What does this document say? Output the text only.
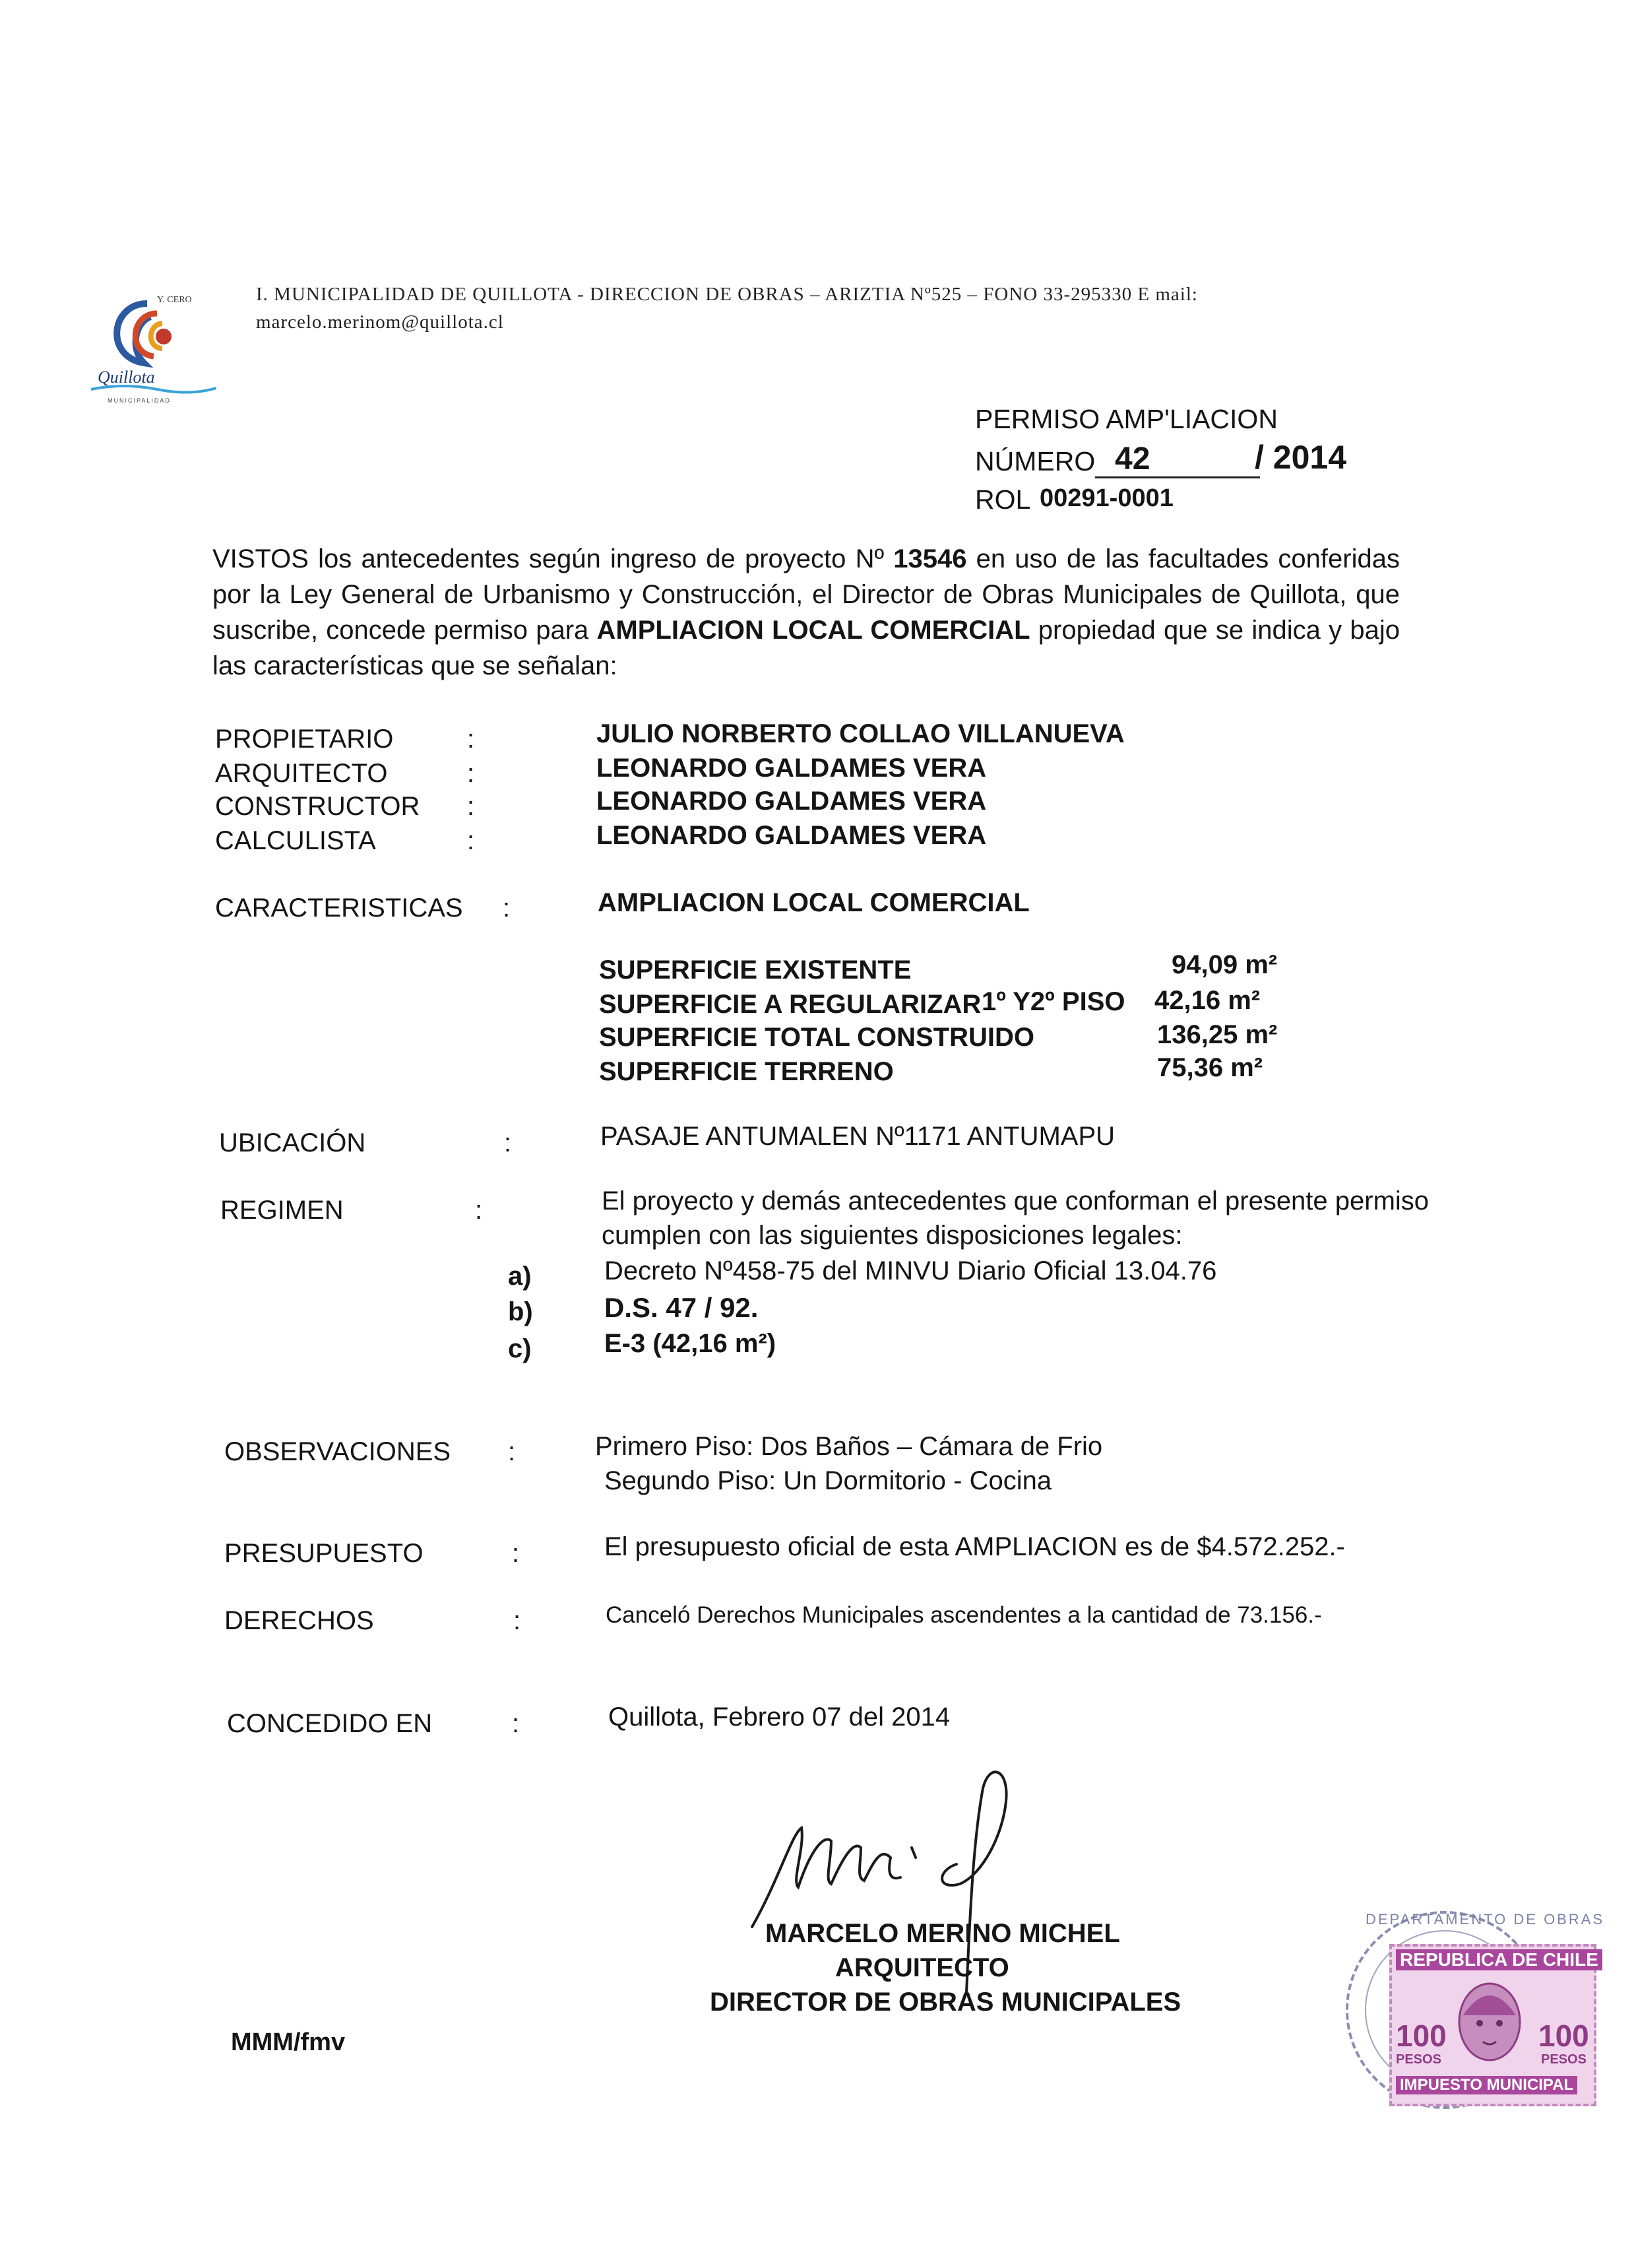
Y. CERO
Quillota
MUNICIPALIDAD
I. MUNICIPALIDAD DE QUILLOTA - DIRECCION DE OBRAS – ARIZTIA Nº525 – FONO 33-295330 E mail:
marcelo.merinom@quillota.cl
PERMISO AMP'LIACION
NÚMERO 42	/ 2014
ROL 00291-0001
VISTOS los antecedentes según ingreso de proyecto Nº 13546 en uso de las facultades conferidas por la Ley General de Urbanismo y Construcción, el Director de Obras Municipales de Quillota, que suscribe, concede permiso para AMPLIACION LOCAL COMERCIAL propiedad que se indica y bajo las características que se señalan:
PROPIETARIO	:	JULIO NORBERTO COLLAO VILLANUEVA
ARQUITECTO	:	LEONARDO GALDAMES VERA
CONSTRUCTOR :	LEONARDO GALDAMES VERA
CALCULISTA	:	LEONARDO GALDAMES VERA
CARACTERISTICAS :	AMPLIACION LOCAL COMERCIAL
SUPERFICIE EXISTENTE	94,09 m²
SUPERFICIE A REGULARIZAR 1º Y2º PISO 42,16 m²
SUPERFICIE TOTAL CONSTRUIDO	136,25 m²
SUPERFICIE TERRENO	75,36 m²
UBICACIÓN	:	PASAJE ANTUMALEN Nº1171 ANTUMAPU
REGIMEN	:	El proyecto y demás antecedentes que conforman el presente permiso
cumplen con las siguientes disposiciones legales:
a)	Decreto Nº458-75 del MINVU Diario Oficial 13.04.76
b)	D.S. 47 / 92.
c)	E-3 (42,16 m²)
OBSERVACIONES :	Primero Piso: Dos Baños – Cámara de Frio
Segundo Piso: Un Dormitorio - Cocina
PRESUPUESTO	:	El presupuesto oficial de esta AMPLIACION es de $4.572.252.-
DERECHOS	:	Canceló Derechos Municipales ascendentes a la cantidad de 73.156.-
CONCEDIDO EN	:	Quillota, Febrero 07 del 2014
MARCELO MERINO MICHEL
ARQUITECTO
DIRECTOR DE OBRAS MUNICIPALES
MMM/fmv
DEPARTAMENTO DE OBRAS
REPUBLICA DE CHILE
100
PESOS
100
PESOS
IMPUESTO MUNICIPAL
